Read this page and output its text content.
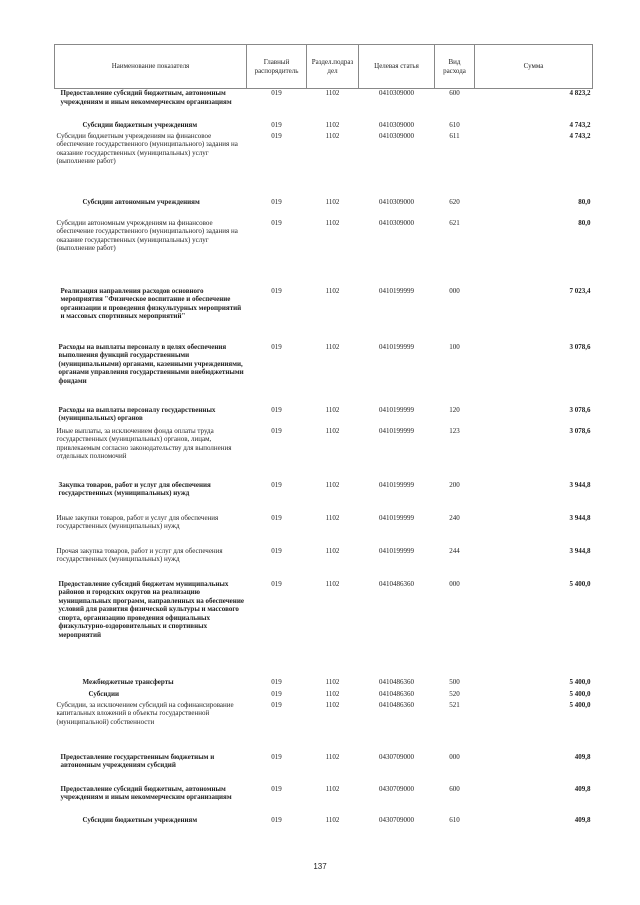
Наименование показателя	Главный распорядитель	Раздел.подраз дел	Целевая статья	Вид расхода	Сумма
Предоставление субсидий бюджетным, автономным учреждениям и иным некоммерческим организациям	019	1102	0410309000	600	4 823,2
Субсидии бюджетным учреждениям	019	1102	0410309000	610	4 743,2
Субсидии бюджетным учреждениям на финансовое обеспечение государственного (муниципального) задания на оказание государственных (муниципальных) услуг (выполнение работ)	019	1102	0410309000	611	4 743,2
Субсидии автономным учреждениям	019	1102	0410309000	620	80,0
Субсидии автономным учреждениям на финансовое обеспечение государственного (муниципального) задания на оказание государственных (муниципальных) услуг (выполнение работ)	019	1102	0410309000	621	80,0
Реализация направления расходов основного мероприятия "Физическое воспитание и обеспечение организации и проведения физкультурных мероприятий и массовых спортивных мероприятий"	019	1102	0410199999	000	7 023,4
Расходы на выплаты персоналу в целях обеспечения выполнения функций государственными (муниципальными) органами, казенными учреждениями, органами управления государственными внебюджетными фондами	019	1102	0410199999	100	3 078,6
Расходы на выплаты персоналу государственных (муниципальных) органов	019	1102	0410199999	120	3 078,6
Иные выплаты, за исключением фонда оплаты труда государственных (муниципальных) органов, лицам, привлекаемым согласно законодательству для выполнения отдельных полномочий	019	1102	0410199999	123	3 078,6
Закупка товаров, работ и услуг для обеспечения государственных (муниципальных) нужд	019	1102	0410199999	200	3 944,8
Иные закупки товаров, работ и услуг для обеспечения государственных (муниципальных) нужд	019	1102	0410199999	240	3 944,8
Прочая закупка товаров, работ и услуг для обеспечения государственных (муниципальных) нужд	019	1102	0410199999	244	3 944,8
Предоставление субсидий бюджетам муниципальных районов и городских округов на реализацию муниципальных программ, направленных на обеспечение условий для развития физической культуры и массового спорта, организацию проведения официальных физкультурно-оздоровительных и спортивных мероприятий	019	1102	0410486360	000	5 400,0
Межбюджетные трансферты	019	1102	0410486360	500	5 400,0
Субсидии	019	1102	0410486360	520	5 400,0
Субсидии, за исключением субсидий на софинансирование капитальных вложений в объекты государственной (муниципальной) собственности	019	1102	0410486360	521	5 400,0
Предоставление государственным бюджетным и автономным учреждениям субсидий	019	1102	0430709000	000	409,8
Предоставление субсидий бюджетным, автономным учреждениям и иным некоммерческим организациям	019	1102	0430709000	600	409,8
Субсидии бюджетным учреждениям	019	1102	0430709000	610	409,8
137
